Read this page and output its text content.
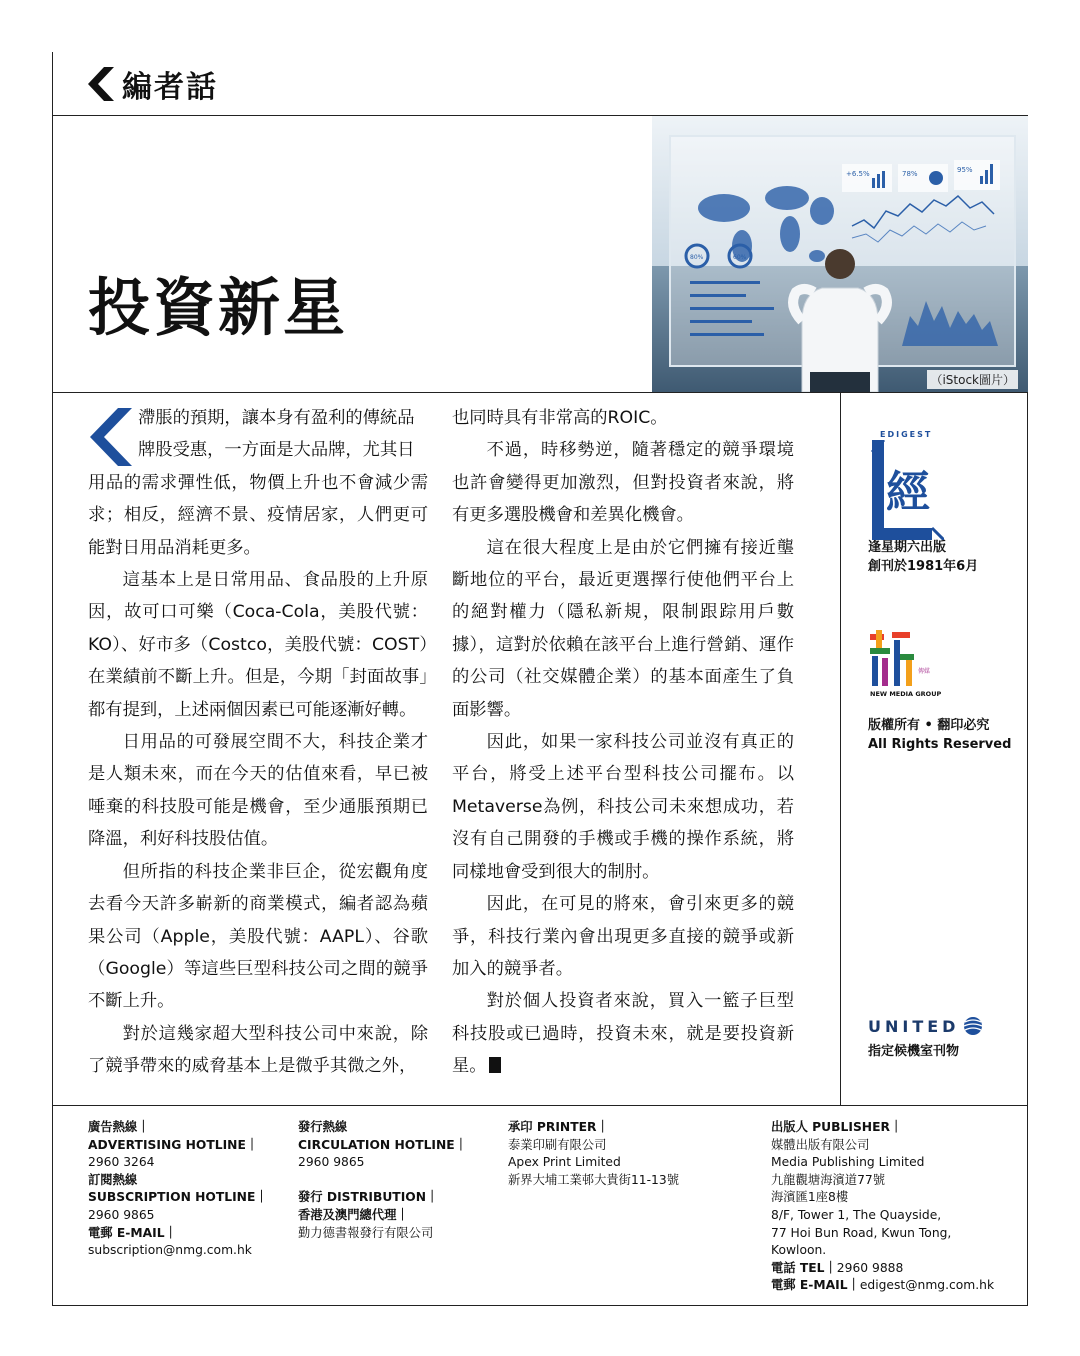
編者話
投資新星
+6.5%	78%	95%
80%	60%
（iStock圖片）

滯脹的預期，讓本身有盈利的傳統品
牌股受惠，一方面是大品牌，尤其日
用品的需求彈性低，物價上升也不會減少需求；相反，經濟不景、疫情居家，人們更可能對日用品消耗更多。

這基本上是日常用品、食品股的上升原因，故可口可樂（Coca-Cola，美股代號：KO）、好市多（Costco，美股代號：COST）在業績前不斷上升。但是，今期「封面故事」都有提到，上述兩個因素已可能逐漸好轉。

日用品的可發展空間不大，科技企業才是人類未來，而在今天的估值來看，早已被唾棄的科技股可能是機會，至少通脹預期已降溫，利好科技股估值。

但所指的科技企業非巨企，從宏觀角度去看今天許多嶄新的商業模式，編者認為蘋果公司（Apple，美股代號：AAPL）、谷歌（Google）等這些巨型科技公司之間的競爭不斷上升。

對於這幾家超大型科技公司中來說，除了競爭帶來的威脅基本上是微乎其微之外，

也同時具有非常高的ROIC。

不過，時移勢逆，隨著穩定的競爭環境也許會變得更加激烈，但對投資者來說，將有更多選股機會和差異化機會。

這在很大程度上是由於它們擁有接近壟斷地位的平台，最近更選擇行使他們平台上的絕對權力（隱私新規，限制跟踪用戶數據），這對於依賴在該平台上進行營銷、運作的公司（社交媒體企業）的基本面產生了負面影響。

因此，如果一家科技公司並沒有真正的平台，將受上述平台型科技公司擺布。以Metaverse為例，科技公司未來想成功，若沒有自己開發的手機或手機的操作系統，將同樣地會受到很大的制肘。

因此，在可見的將來，會引來更多的競爭，科技行業內會出現更多直接的競爭或新加入的競爭者。

對於個人投資者來說，買入一籃子巨型科技股或已過時，投資未來，就是要投資新星。

EDIGEST
經
逢星期六出版
創刊於1981年6月
傳媒
NEW MEDIA GROUP
版權所有 • 翻印必究
All Rights Reserved
UNITED
指定候機室刊物
廣告熱線｜
ADVERTISING HOTLINE｜
2960 3264
訂閱熱線
SUBSCRIPTION HOTLINE｜
2960 9865
電郵 E-MAIL｜
subscription@nmg.com.hk
發行熱線
CIRCULATION HOTLINE｜
2960 9865

發行 DISTRIBUTION｜
香港及澳門總代理｜
勤力德書報發行有限公司
承印 PRINTER｜
泰業印刷有限公司
Apex Print Limited
新界大埔工業邨大貴街11-13號
出版人 PUBLISHER｜
媒體出版有限公司
Media Publishing Limited
九龍觀塘海濱道77號
海濱匯1座8樓
8/F, Tower 1, The Quayside,
77 Hoi Bun Road, Kwun Tong,
Kowloon.
電話 TEL｜2960 9888
電郵 E-MAIL｜edigest@nmg.com.hk
